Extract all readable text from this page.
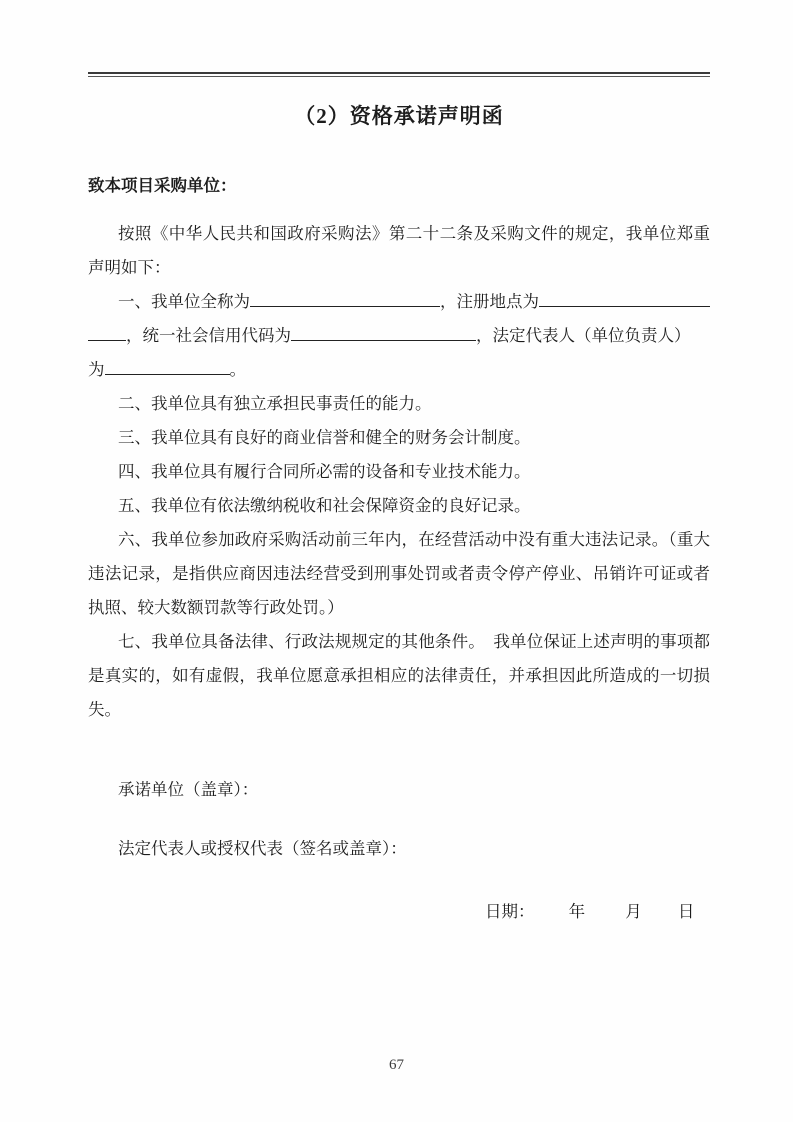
（2）资格承诺声明函
致本项目采购单位：
按照《中华人民共和国政府采购法》第二十二条及采购文件的规定，我单位郑重声明如下：
一、我单位全称为	，注册地点为
，统一社会信用代码为	，法定代表人（单位负责人）
为	。
二、我单位具有独立承担民事责任的能力。
三、我单位具有良好的商业信誉和健全的财务会计制度。
四、我单位具有履行合同所必需的设备和专业技术能力。
五、我单位有依法缴纳税收和社会保障资金的良好记录。
六、我单位参加政府采购活动前三年内，在经营活动中没有重大违法记录。（重大违法记录，是指供应商因违法经营受到刑事处罚或者责令停产停业、吊销许可证或者执照、较大数额罚款等行政处罚。）
七、我单位具备法律、行政法规规定的其他条件。　我单位保证上述声明的事项都是真实的，如有虚假，我单位愿意承担相应的法律责任，并承担因此所造成的一切损失。
承诺单位（盖章）：
法定代表人或授权代表（签名或盖章）：
日期： 年 月 日
67
